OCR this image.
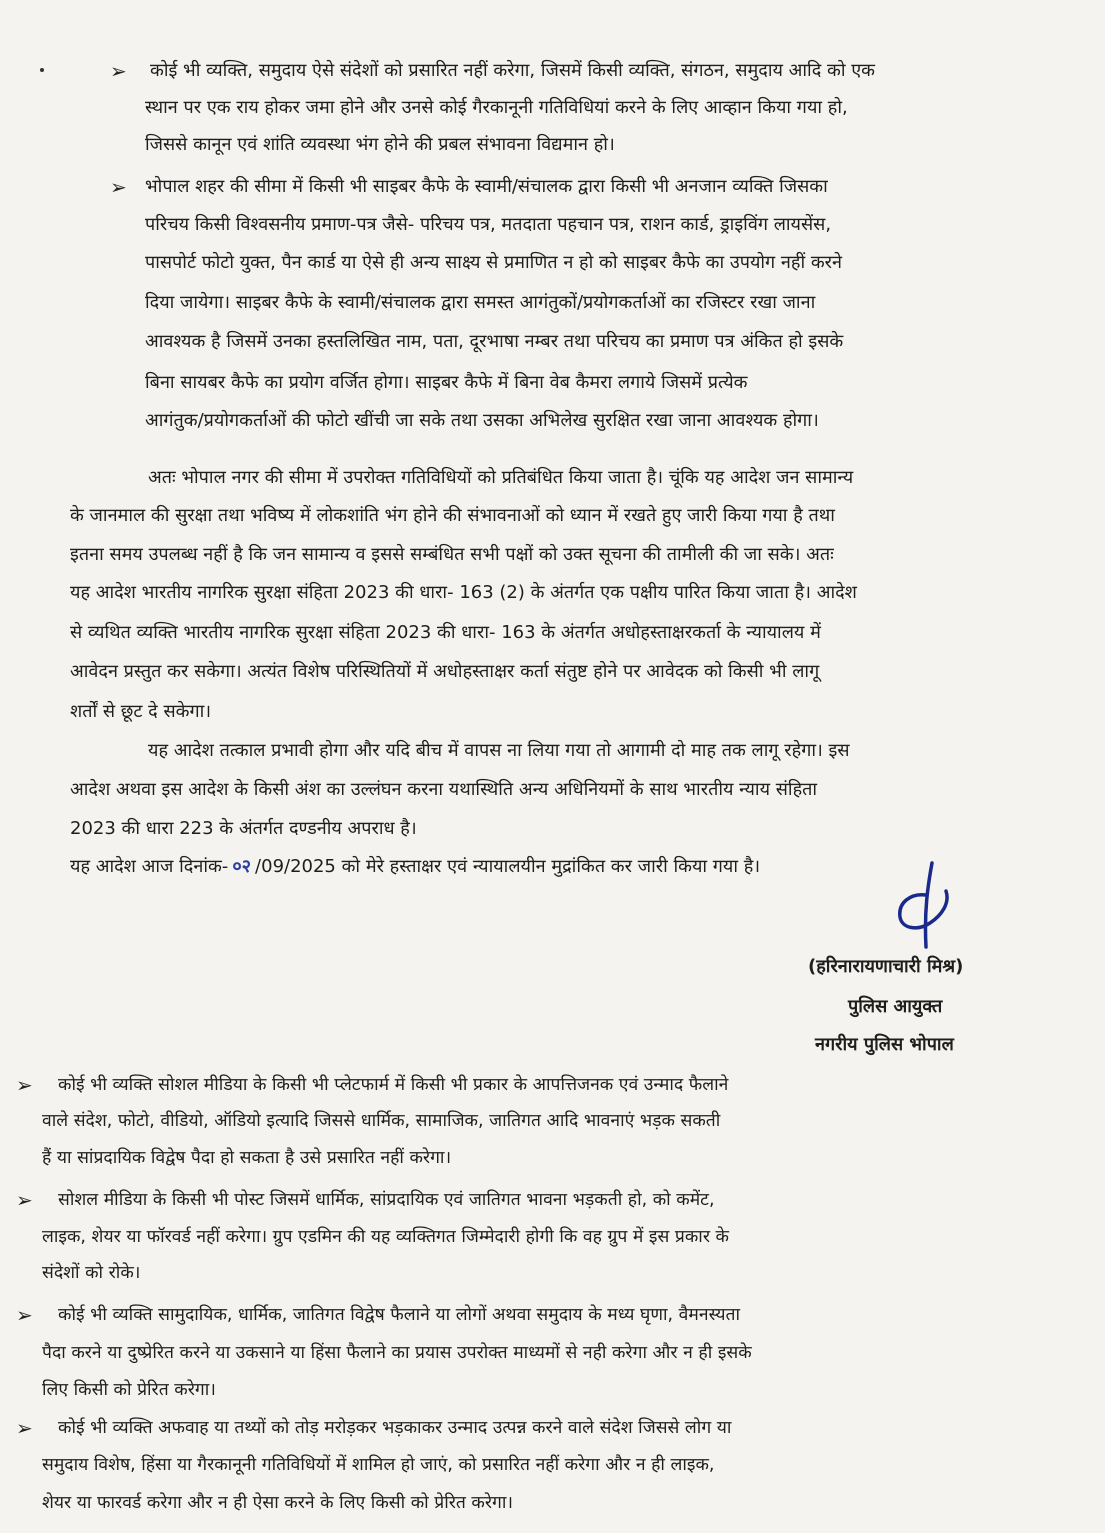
➢ कोई भी व्यक्ति, समुदाय ऐसे संदेशों को प्रसारित नहीं करेगा, जिसमें किसी व्यक्ति, संगठन, समुदाय आदि को एक
स्थान पर एक राय होकर जमा होने और उनसे कोई गैरकानूनी गतिविधियां करने के लिए आव्हान किया गया हो,
जिससे कानून एवं शांति व्यवस्था भंग होने की प्रबल संभावना विद्यमान हो।
➢ भोपाल शहर की सीमा में किसी भी साइबर कैफे के स्वामी/संचालक द्वारा किसी भी अनजान व्यक्ति जिसका
परिचय किसी विश्वसनीय प्रमाण-पत्र जैसे- परिचय पत्र, मतदाता पहचान पत्र, राशन कार्ड, ड्राइविंग लायसेंस,
पासपोर्ट फोटो युक्त, पैन कार्ड या ऐसे ही अन्य साक्ष्य से प्रमाणित न हो को साइबर कैफे का उपयोग नहीं करने
दिया जायेगा। साइबर कैफे के स्वामी/संचालक द्वारा समस्त आगंतुकों/प्रयोगकर्ताओं का रजिस्टर रखा जाना
आवश्यक है जिसमें उनका हस्तलिखित नाम, पता, दूरभाषा नम्बर तथा परिचय का प्रमाण पत्र अंकित हो इसके
बिना सायबर कैफे का प्रयोग वर्जित होगा। साइबर कैफे में बिना वेब कैमरा लगाये जिसमें प्रत्येक
आगंतुक/प्रयोगकर्ताओं की फोटो खींची जा सके तथा उसका अभिलेख सुरक्षित रखा जाना आवश्यक होगा।
अतः भोपाल नगर की सीमा में उपरोक्त गतिविधियों को प्रतिबंधित किया जाता है। चूंकि यह आदेश जन सामान्य
के जानमाल की सुरक्षा तथा भविष्य में लोकशांति भंग होने की संभावनाओं को ध्यान में रखते हुए जारी किया गया है तथा
इतना समय उपलब्ध नहीं है कि जन सामान्य व इससे सम्बंधित सभी पक्षों को उक्त सूचना की तामीली की जा सके। अतः
यह आदेश भारतीय नागरिक सुरक्षा संहिता 2023 की धारा- 163 (2) के अंतर्गत एक पक्षीय पारित किया जाता है। आदेश
से व्यथित व्यक्ति भारतीय नागरिक सुरक्षा संहिता 2023 की धारा- 163 के अंतर्गत अधोहस्ताक्षरकर्ता के न्यायालय में
आवेदन प्रस्तुत कर सकेगा। अत्यंत विशेष परिस्थितियों में अधोहस्ताक्षर कर्ता संतुष्ट होने पर आवेदक को किसी भी लागू
शर्तों से छूट दे सकेगा।
यह आदेश तत्काल प्रभावी होगा और यदि बीच में वापस ना लिया गया तो आगामी दो माह तक लागू रहेगा। इस
आदेश अथवा इस आदेश के किसी अंश का उल्लंघन करना यथास्थिति अन्य अधिनियमों के साथ भारतीय न्याय संहिता
2023 की धारा 223 के अंतर्गत दण्डनीय अपराध है।
यह आदेश आज दिनांक- ०२ /09/2025 को मेरे हस्ताक्षर एवं न्यायालयीन मुद्रांकित कर जारी किया गया है।
(हरिनारायणाचारी मिश्र)
पुलिस आयुक्त
नगरीय पुलिस भोपाल
➢ कोई भी व्यक्ति सोशल मीडिया के किसी भी प्लेटफार्म में किसी भी प्रकार के आपत्तिजनक एवं उन्माद फैलाने
वाले संदेश, फोटो, वीडियो, ऑडियो इत्यादि जिससे धार्मिक, सामाजिक, जातिगत आदि भावनाएं भड़क सकती
हैं या सांप्रदायिक विद्वेष पैदा हो सकता है उसे प्रसारित नहीं करेगा।
➢ सोशल मीडिया के किसी भी पोस्ट जिसमें धार्मिक, सांप्रदायिक एवं जातिगत भावना भड़कती हो, को कमेंट,
लाइक, शेयर या फॉरवर्ड नहीं करेगा। ग्रुप एडमिन की यह व्यक्तिगत जिम्मेदारी होगी कि वह ग्रुप में इस प्रकार के
संदेशों को रोके।
➢ कोई भी व्यक्ति सामुदायिक, धार्मिक, जातिगत विद्वेष फैलाने या लोगों अथवा समुदाय के मध्य घृणा, वैमनस्यता
पैदा करने या दुष्प्रेरित करने या उकसाने या हिंसा फैलाने का प्रयास उपरोक्त माध्यमों से नही करेगा और न ही इसके
लिए किसी को प्रेरित करेगा।
➢ कोई भी व्यक्ति अफवाह या तथ्यों को तोड़ मरोड़कर भड़काकर उन्माद उत्पन्न करने वाले संदेश जिससे लोग या
समुदाय विशेष, हिंसा या गैरकानूनी गतिविधियों में शामिल हो जाएं, को प्रसारित नहीं करेगा और न ही लाइक,
शेयर या फारवर्ड करेगा और न ही ऐसा करने के लिए किसी को प्रेरित करेगा।
